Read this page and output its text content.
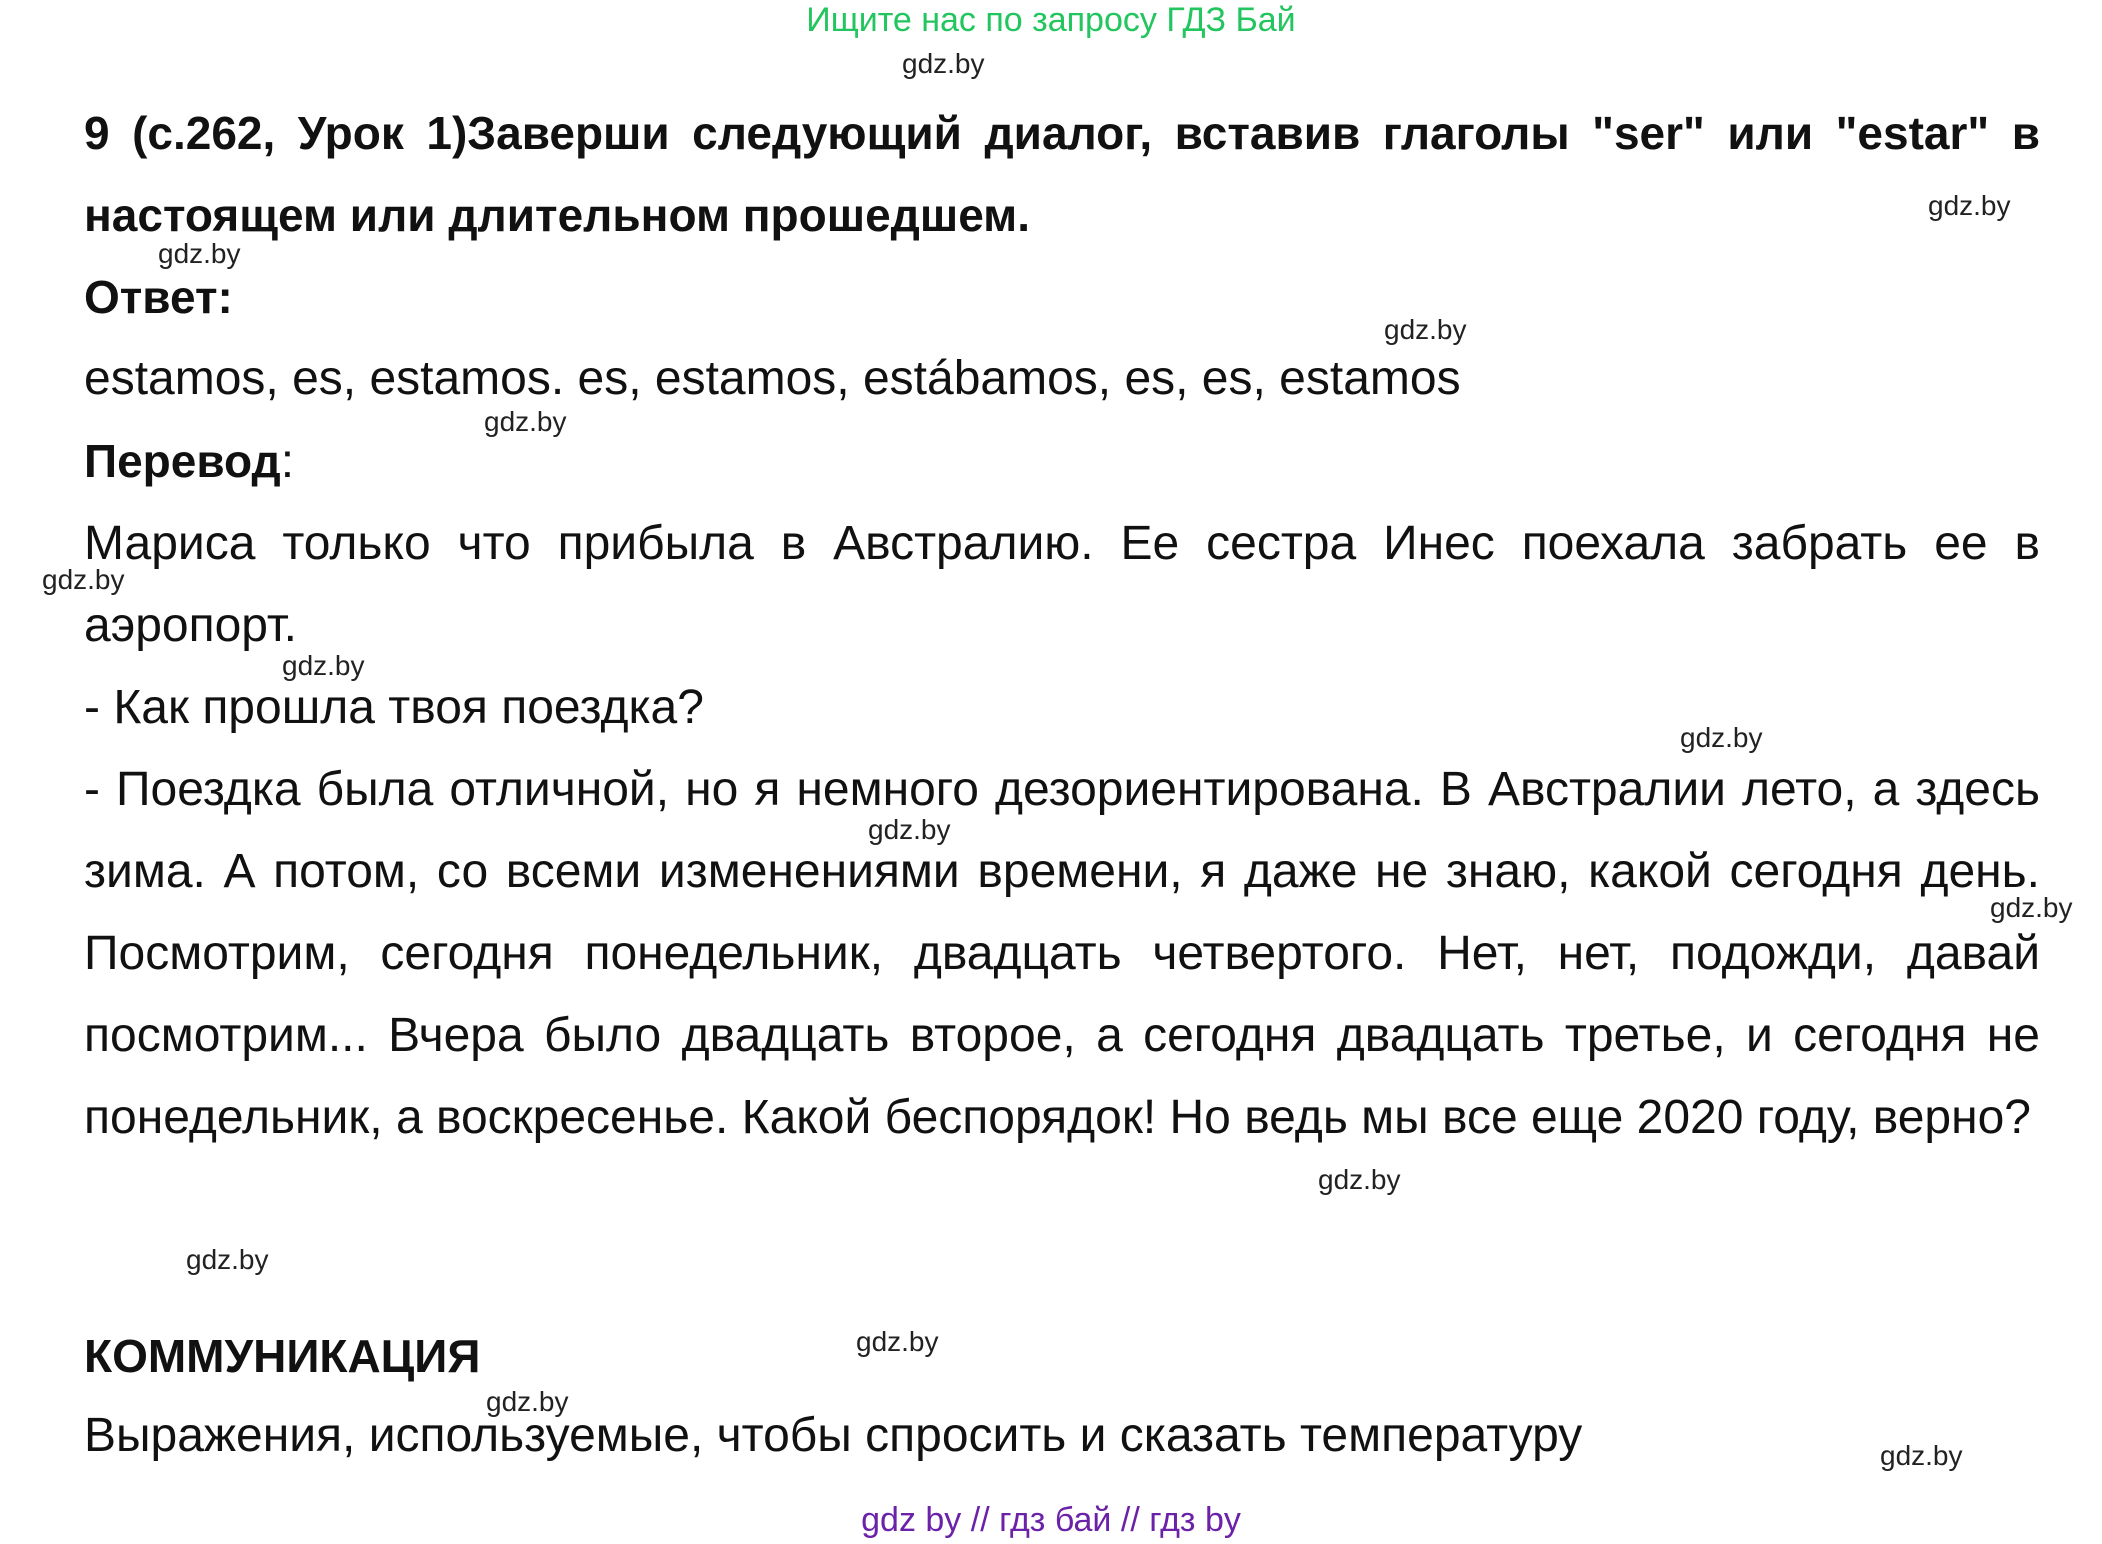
Ищите нас по запросу ГДЗ Бай

9 (с.262, Урок 1)Заверши следующий диалог, вставив глаголы "ser" или "estar" в настоящем или длительном прошедшем.

Ответ:

estamos, es, estamos. es, estamos, estábamos, es, es, estamos

Перевод:

Мариса только что прибыла в Австралию. Ее сестра Инес поехала забрать ее в аэропорт.

- Как прошла твоя поездка?

- Поездка была отличной, но я немного дезориентирована. В Австралии лето, а здесь зима. А потом, со всеми изменениями времени, я даже не знаю, какой сегодня день. Посмотрим, сегодня понедельник, двадцать четвертого. Нет, нет, подожди, давай посмотрим... Вчера было двадцать второе, а сегодня двадцать третье, и сегодня не понедельник, а воскресенье. Какой беспорядок! Но ведь мы все еще 2020 году, верно?

КОММУНИКАЦИЯ

Выражения, используемые, чтобы спросить и сказать температуру

gdz.by
gdz.by
gdz.by
gdz.by
gdz.by
gdz.by
gdz.by
gdz.by
gdz.by
gdz.by
gdz.by
gdz.by
gdz.by
gdz.by
gdz.by
gdz by // гдз бай // гдз by
